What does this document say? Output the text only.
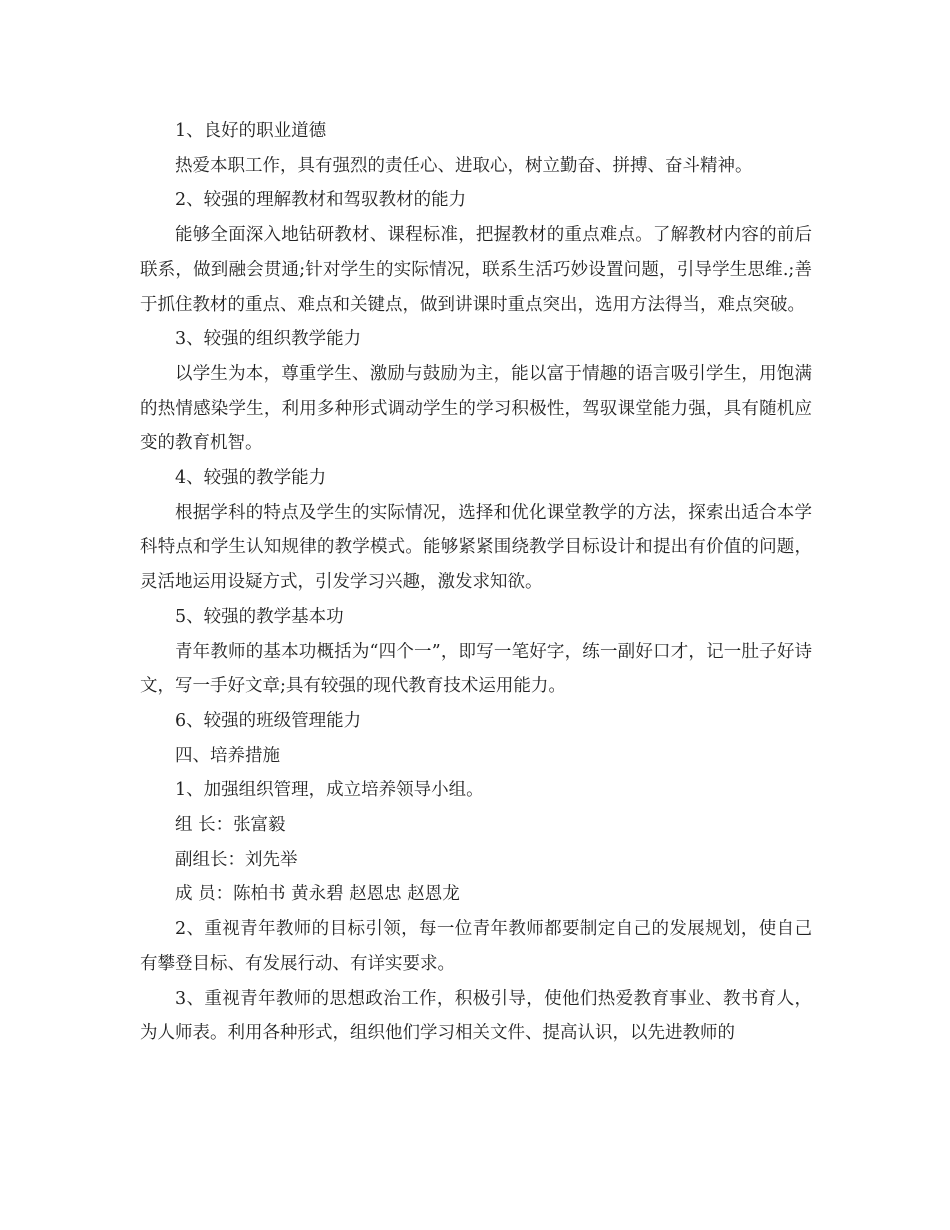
1、良好的职业道德

热爱本职工作，具有强烈的责任心、进取心，树立勤奋、拼搏、奋斗精神。

2、较强的理解教材和驾驭教材的能力

能够全面深入地钻研教材、课程标准，把握教材的重点难点。了解教材内容的前后联系，做到融会贯通;针对学生的实际情况，联系生活巧妙设置问题，引导学生思维.;善于抓住教材的重点、难点和关键点，做到讲课时重点突出，选用方法得当，难点突破。

3、较强的组织教学能力

以学生为本，尊重学生、激励与鼓励为主，能以富于情趣的语言吸引学生，用饱满的热情感染学生，利用多种形式调动学生的学习积极性，驾驭课堂能力强，具有随机应变的教育机智。

4、较强的教学能力

根据学科的特点及学生的实际情况，选择和优化课堂教学的方法，探索出适合本学科特点和学生认知规律的教学模式。能够紧紧围绕教学目标设计和提出有价值的问题，灵活地运用设疑方式，引发学习兴趣，激发求知欲。

5、较强的教学基本功

青年教师的基本功概括为“四个一”，即写一笔好字，练一副好口才，记一肚子好诗文，写一手好文章;具有较强的现代教育技术运用能力。

6、较强的班级管理能力

四、培养措施

1、加强组织管理，成立培养领导小组。

组 长：张富毅

副组长：刘先举

成 员：陈柏书 黄永碧 赵恩忠 赵恩龙

2、重视青年教师的目标引领，每一位青年教师都要制定自己的发展规划，使自己有攀登目标、有发展行动、有详实要求。

3、重视青年教师的思想政治工作，积极引导，使他们热爱教育事业、教书育人，为人师表。利用各种形式，组织他们学习相关文件、提高认识，以先进教师的
